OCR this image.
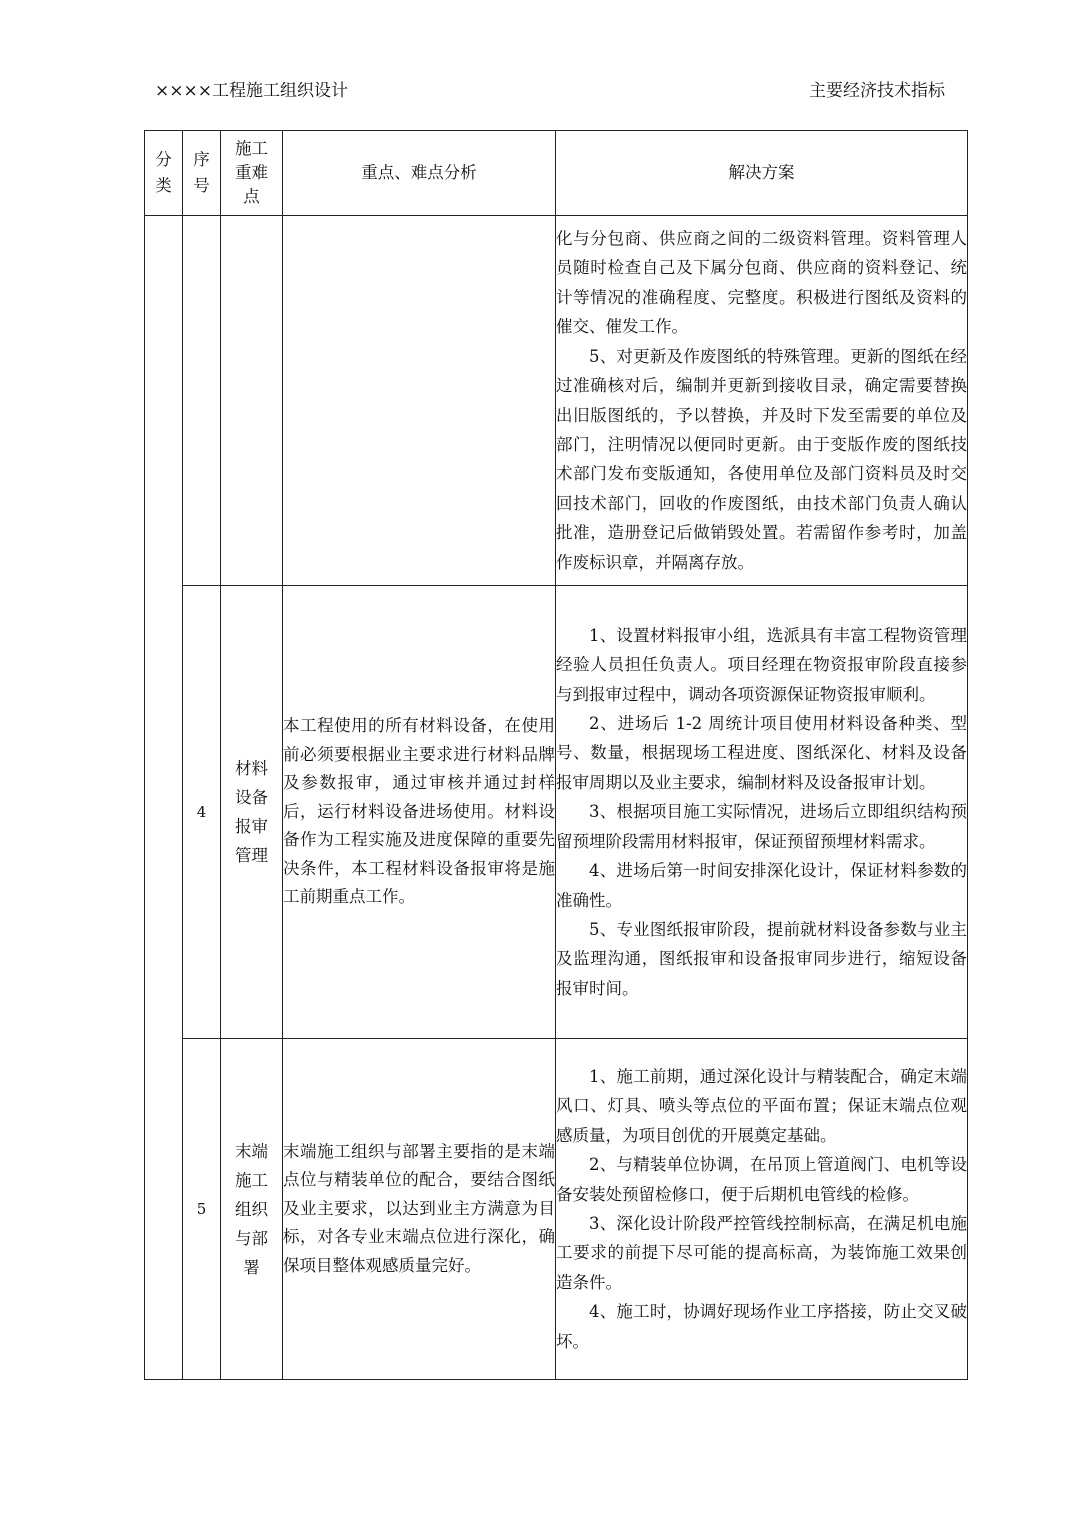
××××工程施工组织设计	主要经济技术指标
分类	序号	施工重难点	重点、难点分析	解决方案

				化与分包商、供应商之间的二级资料管理。资料管理人员随时检查自己及下属分包商、供应商的资料登记、统计等情况的准确程度、完整度。积极进行图纸及资料的催交、催发工作。

5、对更新及作废图纸的特殊管理。更新的图纸在经过准确核对后，编制并更新到接收目录，确定需要替换出旧版图纸的，予以替换，并及时下发至需要的单位及部门，注明情况以便同时更新。由于变版作废的图纸技术部门发布变版通知，各使用单位及部门资料员及时交回技术部门，回收的作废图纸，由技术部门负责人确认批准，造册登记后做销毁处置。若需留作参考时，加盖作废标识章，并隔离存放。

	4	材料设备报审管理	本工程使用的所有材料设备，在使用前必须要根据业主要求进行材料品牌及参数报审，通过审核并通过封样后，运行材料设备进场使用。材料设备作为工程实施及进度保障的重要先决条件，本工程材料设备报审将是施工前期重点工作。	1、设置材料报审小组，选派具有丰富工程物资管理经验人员担任负责人。项目经理在物资报审阶段直接参与到报审过程中，调动各项资源保证物资报审顺利。

2、进场后 1-2 周统计项目使用材料设备种类、型号、数量，根据现场工程进度、图纸深化、材料及设备报审周期以及业主要求，编制材料及设备报审计划。

3、根据项目施工实际情况，进场后立即组织结构预留预埋阶段需用材料报审，保证预留预埋材料需求。

4、进场后第一时间安排深化设计，保证材料参数的准确性。

5、专业图纸报审阶段，提前就材料设备参数与业主及监理沟通，图纸报审和设备报审同步进行，缩短设备报审时间。

	5	末端施工组织与部署	末端施工组织与部署主要指的是末端点位与精装单位的配合，要结合图纸及业主要求，以达到业主方满意为目标，对各专业末端点位进行深化，确保项目整体观感质量完好。	1、施工前期，通过深化设计与精装配合，确定末端风口、灯具、喷头等点位的平面布置；保证末端点位观感质量，为项目创优的开展奠定基础。

2、与精装单位协调，在吊顶上管道阀门、电机等设备安装处预留检修口，便于后期机电管线的检修。

3、深化设计阶段严控管线控制标高，在满足机电施工要求的前提下尽可能的提高标高，为装饰施工效果创造条件。

4、施工时，协调好现场作业工序搭接，防止交叉破坏。
